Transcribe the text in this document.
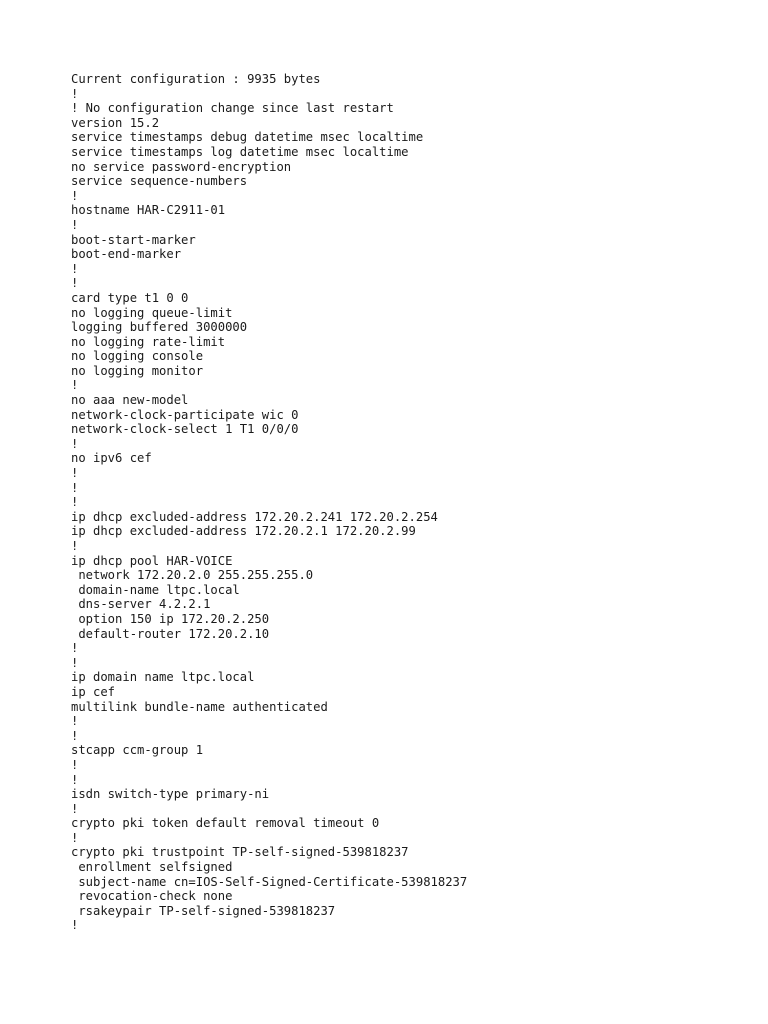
Current configuration : 9935 bytes
!
! No configuration change since last restart
version 15.2
service timestamps debug datetime msec localtime
service timestamps log datetime msec localtime
no service password-encryption
service sequence-numbers
!
hostname HAR-C2911-01
!
boot-start-marker
boot-end-marker
!
!
card type t1 0 0
no logging queue-limit
logging buffered 3000000
no logging rate-limit
no logging console
no logging monitor
!
no aaa new-model
network-clock-participate wic 0
network-clock-select 1 T1 0/0/0
!
no ipv6 cef
!
!
!
ip dhcp excluded-address 172.20.2.241 172.20.2.254
ip dhcp excluded-address 172.20.2.1 172.20.2.99
!
ip dhcp pool HAR-VOICE
network 172.20.2.0 255.255.255.0
domain-name ltpc.local
dns-server 4.2.2.1
option 150 ip 172.20.2.250
default-router 172.20.2.10
!
!
ip domain name ltpc.local
ip cef
multilink bundle-name authenticated
!
!
stcapp ccm-group 1
!
!
isdn switch-type primary-ni
!
crypto pki token default removal timeout 0
!
crypto pki trustpoint TP-self-signed-539818237
enrollment selfsigned
subject-name cn=IOS-Self-Signed-Certificate-539818237
revocation-check none
rsakeypair TP-self-signed-539818237
!
